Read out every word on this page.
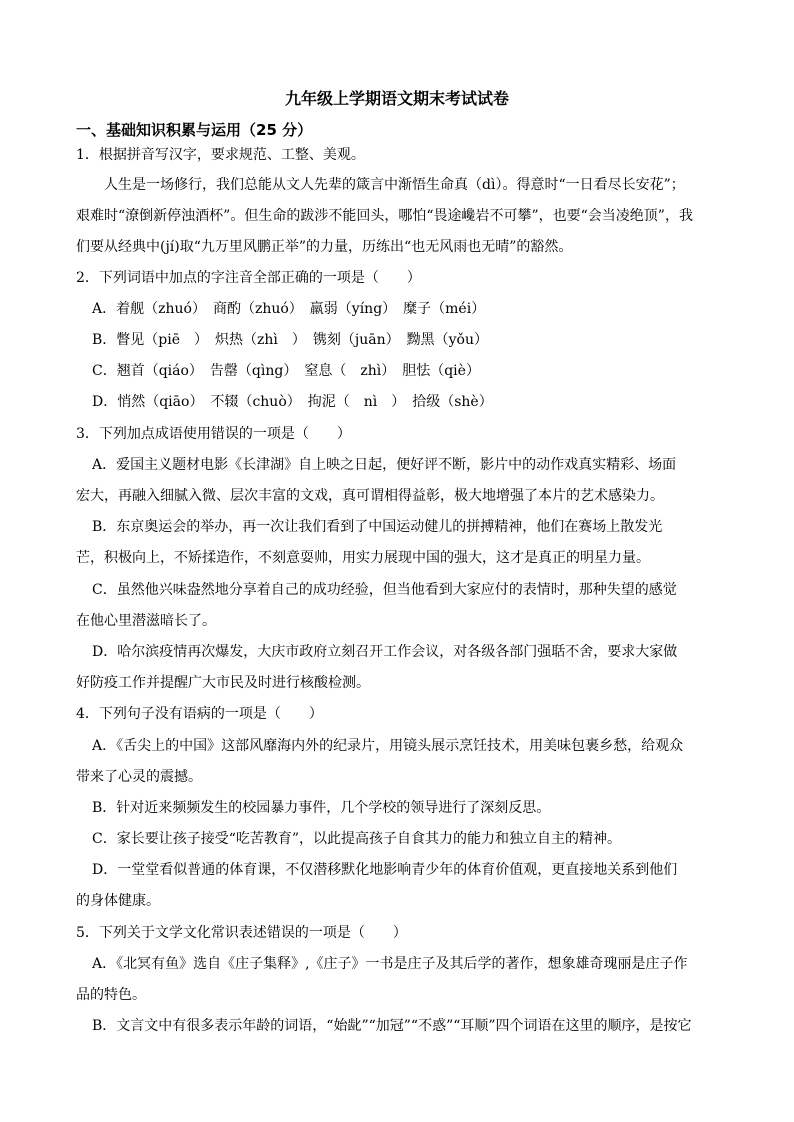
九年级上学期语文期末考试试卷
一、基础知识积累与运用（25 分）
1．根据拼音写汉字，要求规范、工整、美观。
人生是一场修行，我们总能从文人先辈的箴言中渐悟生命真（dì）。得意时“一日看尽长安花”；
艰难时“潦倒新停浊酒杯”。但生命的跋涉不能回头，哪怕“畏途巉岩不可攀”，也要“会当凌绝顶”，我
们要从经典中(jí)取“九万里风鹏正举”的力量，历练出“也无风雨也无晴”的豁然。
2．下列词语中加点的字注音全部正确的一项是（　　）
A．着舰（zhuó）　商酌（zhuó）　羸弱（yíng）　糜子（méi）
B．瞥见（piē　）　炽热（zhì　）　镌刻（juān）　黝黑（yǒu）
C．翘首（qiáo）　告罄（qìng）　窒息（　zhì）　胆怯（qiè）
D．悄然（qiāo）　不辍（chuò）　拘泥（　nì　）　拾级（shè）
3．下列加点成语使用错误的一项是（　　）
A．爱国主义题材电影《长津湖》自上映之日起，便好评不断，影片中的动作戏真实精彩、场面
宏大，再融入细腻入微、层次丰富的文戏，真可谓相得益彰，极大地增强了本片的艺术感染力。
B．东京奥运会的举办，再一次让我们看到了中国运动健儿的拼搏精神，他们在赛场上散发光
芒，积极向上，不矫揉造作，不刻意耍帅，用实力展现中国的强大，这才是真正的明星力量。
C．虽然他兴味盎然地分享着自己的成功经验，但当他看到大家应付的表情时，那种失望的感觉
在他心里潜滋暗长了。
D．哈尔滨疫情再次爆发，大庆市政府立刻召开工作会议，对各级各部门强聒不舍，要求大家做
好防疫工作并提醒广大市民及时进行核酸检测。
4．下列句子没有语病的一项是（　　）
A．《舌尖上的中国》这部风靡海内外的纪录片，用镜头展示烹饪技术，用美味包裹乡愁，给观众
带来了心灵的震撼。
B．针对近来频频发生的校园暴力事件，几个学校的领导进行了深刻反思。
C．家长要让孩子接受“吃苦教育”，以此提高孩子自食其力的能力和独立自主的精神。
D．一堂堂看似普通的体育课，不仅潜移默化地影响青少年的体育价值观，更直接地关系到他们
的身体健康。
5．下列关于文学文化常识表述错误的一项是（　　）
A．《北冥有鱼》选自《庄子集释》,《庄子》一书是庄子及其后学的著作，想象雄奇瑰丽是庄子作
品的特色。
B．文言文中有很多表示年龄的词语，“始龀”“加冠”“不惑”“耳顺”四个词语在这里的顺序，是按它
